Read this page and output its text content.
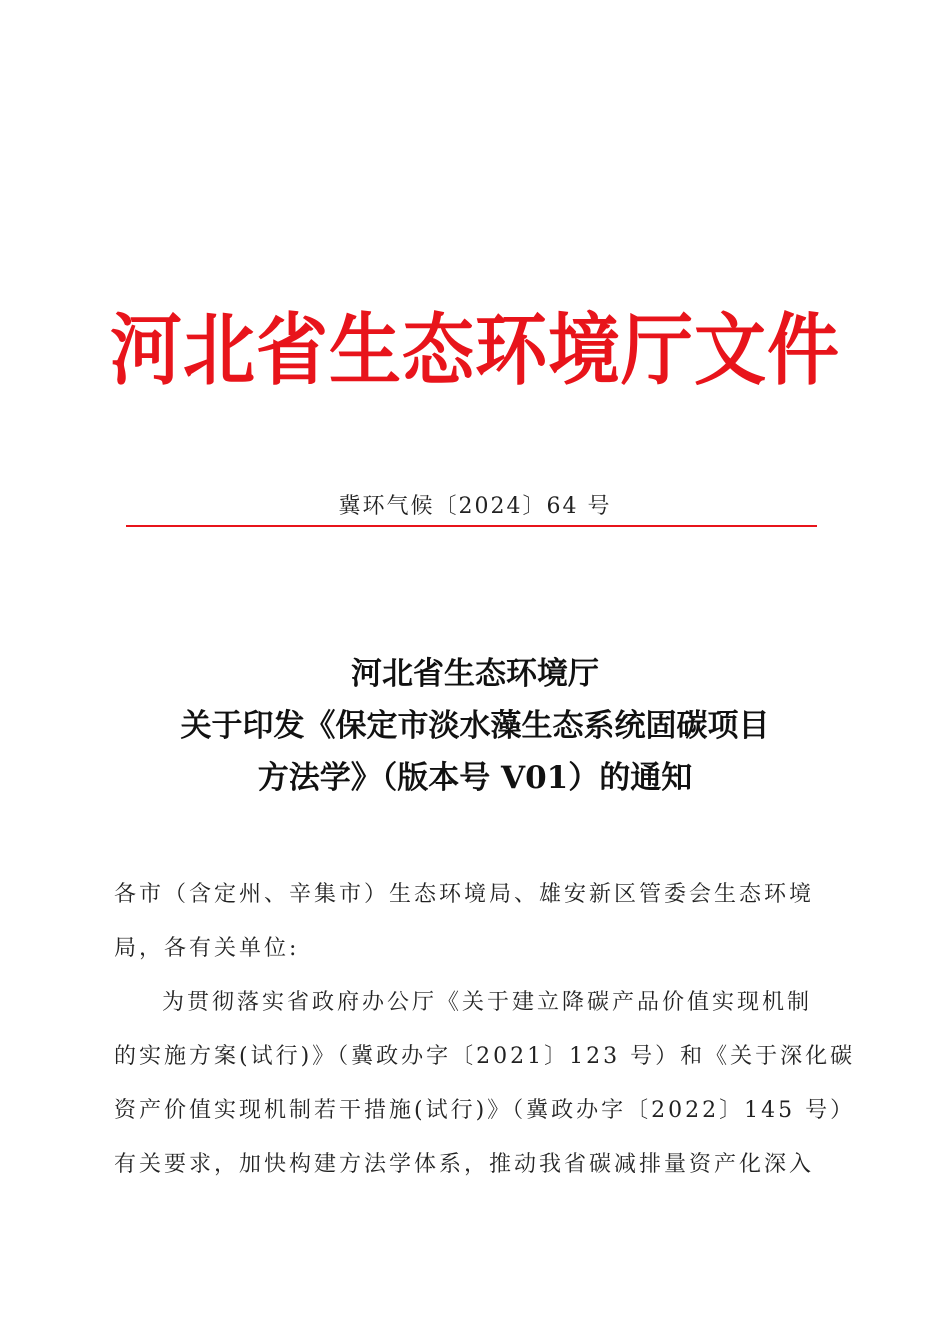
河北省生态环境厅文件
冀环气候〔2024〕64 号
河北省生态环境厅
关于印发《保定市淡水藻生态系统固碳项目
方法学》（版本号 V01）的通知
各市（含定州、辛集市）生态环境局、雄安新区管委会生态环境
局，各有关单位:
为贯彻落实省政府办公厅《关于建立降碳产品价值实现机制
的实施方案(试行)》（冀政办字〔2021〕123 号）和《关于深化碳
资产价值实现机制若干措施(试行)》（冀政办字〔2022〕145 号）
有关要求，加快构建方法学体系，推动我省碳减排量资产化深入
